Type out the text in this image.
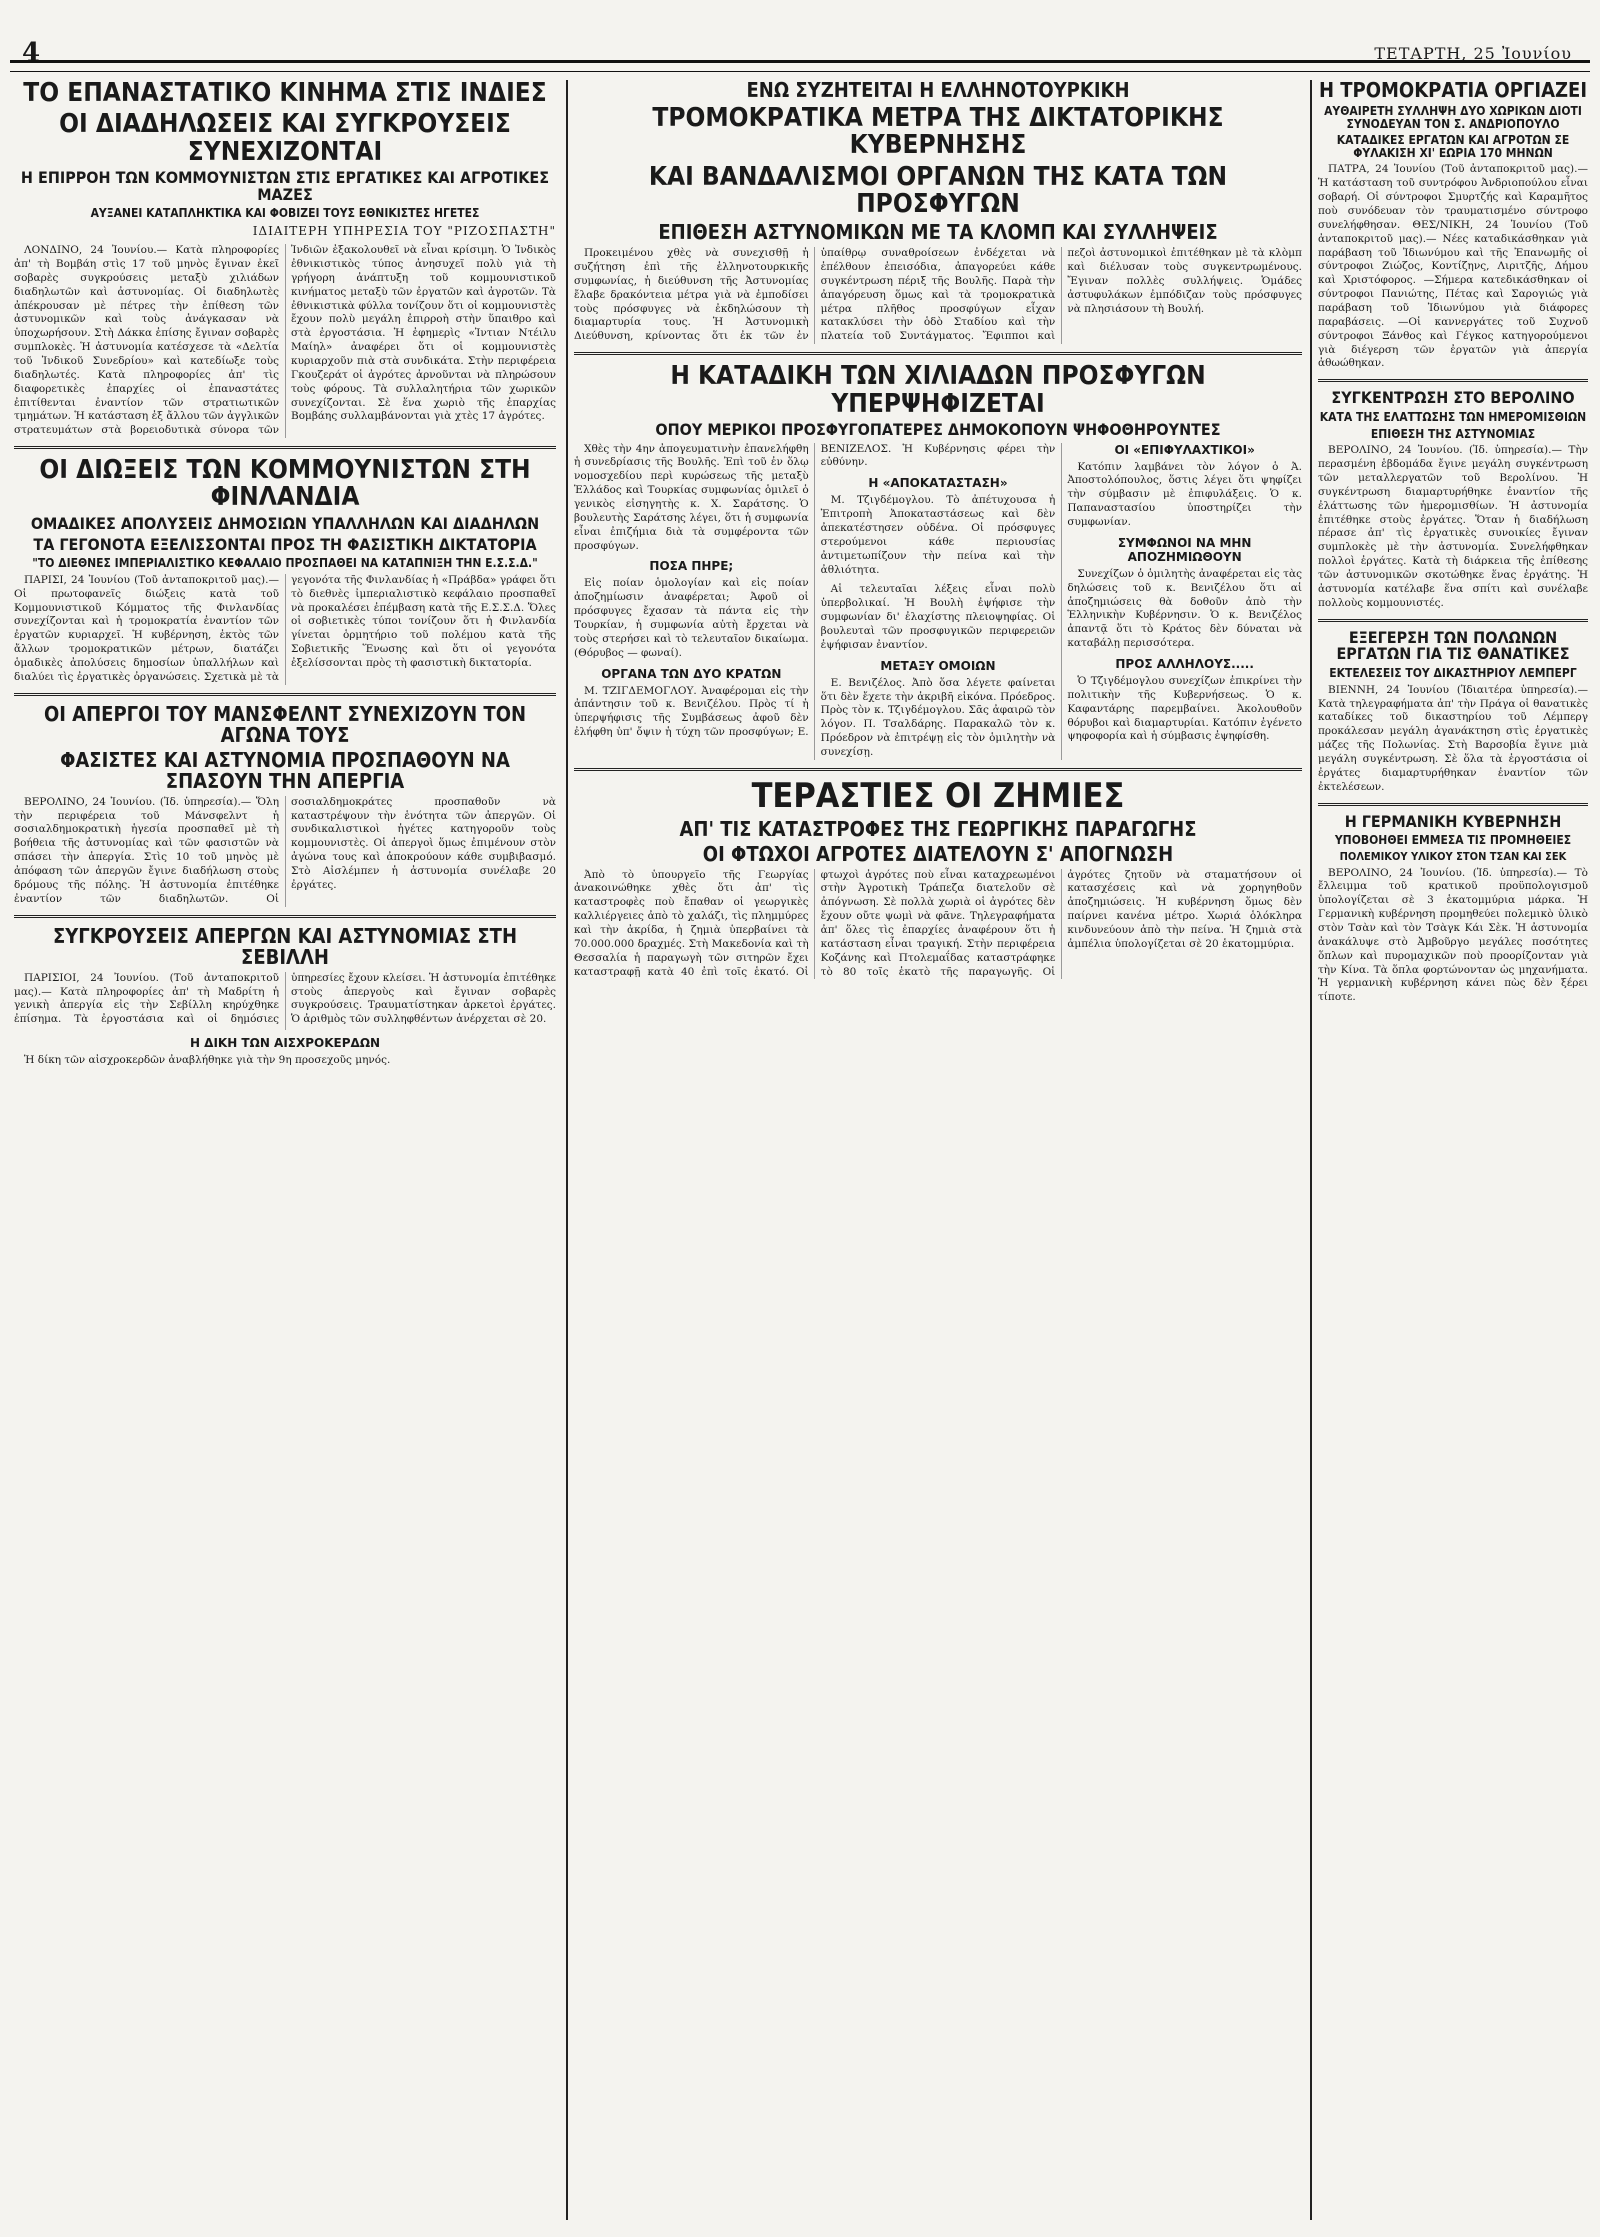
4	ΤΕΤΑΡΤΗ, 25 Ἰουνίου
ΤΟ ΕΠΑΝΑΣΤΑΤΙΚΟ ΚΙΝΗΜΑ ΣΤΙΣ ΙΝΔΙΕΣ
ΟΙ ΔΙΑΔΗΛΩΣΕΙΣ ΚΑΙ ΣΥΓΚΡΟΥΣΕΙΣ ΣΥΝΕΧΙΖΟΝΤΑΙ
Η ΕΠΙΡΡΟΗ ΤΩΝ ΚΟΜΜΟΥΝΙΣΤΩΝ ΣΤΙΣ ΕΡΓΑΤΙΚΕΣ ΚΑΙ ΑΓΡΟΤΙΚΕΣ ΜΑΖΕΣ
ΑΥΞΑΝΕΙ ΚΑΤΑΠΛΗΚΤΙΚΑ ΚΑΙ ΦΟΒΙΖΕΙ ΤΟΥΣ ΕΘΝΙΚΙΣΤΕΣ ΗΓΕΤΕΣ
ΙΔΙΑΙΤΕΡΗ ΥΠΗΡΕΣΙΑ ΤΟΥ "ΡΙΖΟΣΠΑΣΤΗ"

ΛΟΝΔΙΝΟ, 24 Ἰουνίου.— Κατὰ πληροφορίες ἀπ' τὴ Βομβάη στὶς 17 τοῦ μηνὸς ἔγιναν ἐκεῖ σοβαρὲς συγκρούσεις μεταξὺ χιλιάδων διαδηλωτῶν καὶ ἀστυνομίας. Οἱ διαδηλωτὲς ἀπέκρουσαν μὲ πέτρες τὴν ἐπίθεση τῶν ἀστυνομικῶν καὶ τοὺς ἀνάγκασαν νὰ ὑποχωρήσουν. Στὴ Δάκκα ἐπίσης ἔγιναν σοβαρὲς συμπλοκὲς. Ἡ ἀστυνομία κατέσχεσε τὰ «Δελτία τοῦ Ἰνδικοῦ Συνεδρίου» καὶ κατεδίωξε τοὺς διαδηλωτές. Κατὰ πληροφορίες ἀπ' τὶς διαφορετικὲς ἐπαρχίες οἱ ἐπαναστάτες ἐπιτίθενται ἐναντίον τῶν στρατιωτικῶν τμημάτων. Ἡ κατάσταση ἐξ ἄλλου τῶν ἀγγλικῶν στρατευμάτων στὰ βορειοδυτικὰ σύνορα τῶν Ἰνδιῶν ἐξακολουθεῖ νὰ εἶναι κρίσιμη. Ὁ Ἰνδικὸς ἐθνικιστικὸς τύπος ἀνησυχεῖ πολὺ γιὰ τὴ γρήγορη ἀνάπτυξη τοῦ κομμουνιστικοῦ κινήματος μεταξὺ τῶν ἐργατῶν καὶ ἀγροτῶν. Τὰ ἐθνικιστικὰ φύλλα τονίζουν ὅτι οἱ κομμουνιστὲς ἔχουν πολὺ μεγάλη ἐπιρροὴ στὴν ὕπαιθρο καὶ στὰ ἐργοστάσια. Ἡ ἐφημερὶς «Ἰντιαν Ντέιλυ Μαίηλ» ἀναφέρει ὅτι οἱ κομμουνιστὲς κυριαρχοῦν πιὰ στὰ συνδικάτα. Στὴν περιφέρεια Γκουζεράτ οἱ ἀγρότες ἀρνοῦνται νὰ πληρώσουν τοὺς φόρους. Τὰ συλλαλητήρια τῶν χωρικῶν συνεχίζονται. Σὲ ἕνα χωριὸ τῆς ἐπαρχίας Βομβάης συλλαμβάνονται γιὰ χτὲς 17 ἀγρότες.

ΟΙ ΔΙΩΞΕΙΣ ΤΩΝ ΚΟΜΜΟΥΝΙΣΤΩΝ ΣΤΗ ΦΙΝΛΑΝΔΙΑ
ΟΜΑΔΙΚΕΣ ΑΠΟΛΥΣΕΙΣ ΔΗΜΟΣΙΩΝ ΥΠΑΛΛΗΛΩΝ ΚΑΙ ΔΙΑΔΗΛΩΝ
ΤΑ ΓΕΓΟΝΟΤΑ ΕΞΕΛΙΣΣΟΝΤΑΙ ΠΡΟΣ ΤΗ ΦΑΣΙΣΤΙΚΗ ΔΙΚΤΑΤΟΡΙΑ
"ΤΟ ΔΙΕΘΝΕΣ ΙΜΠΕΡΙΑΛΙΣΤΙΚΟ ΚΕΦΑΛΑΙΟ ΠΡΟΣΠΑΘΕΙ ΝΑ ΚΑΤΑΠΝΙΞΗ ΤΗΝ Ε.Σ.Σ.Δ."

ΠΑΡΙΣΙ, 24 Ἰουνίου (Τοῦ ἀνταποκριτοῦ μας).— Οἱ πρωτοφανεῖς διώξεις κατὰ τοῦ Κομμουνιστικοῦ Κόμματος τῆς Φινλανδίας συνεχίζονται καὶ ἡ τρομοκρατία ἐναντίον τῶν ἐργατῶν κυριαρχεῖ. Ἡ κυβέρνηση, ἐκτὸς τῶν ἄλλων τρομοκρατικῶν μέτρων, διατάζει ὁμαδικὲς ἀπολύσεις δημοσίων ὑπαλλήλων καὶ διαλύει τὶς ἐργατικὲς ὀργανώσεις. Σχετικὰ μὲ τὰ γεγονότα τῆς Φινλανδίας ἡ «Πράβδα» γράφει ὅτι τὸ διεθνὲς ἰμπεριαλιστικὸ κεφάλαιο προσπαθεῖ νὰ προκαλέσει ἐπέμβαση κατὰ τῆς Ε.Σ.Σ.Δ. Ὅλες οἱ σοβιετικὲς τύποι τονίζουν ὅτι ἡ Φινλανδία γίνεται ὁρμητήριο τοῦ πολέμου κατὰ τῆς Σοβιετικῆς Ἕνωσης καὶ ὅτι οἱ γεγονότα ἐξελίσσονται πρὸς τὴ φασιστικὴ δικτατορία.

ΟΙ ΑΠΕΡΓΟΙ ΤΟΥ ΜΑΝΣΦΕΛΝΤ ΣΥΝΕΧΙΖΟΥΝ ΤΟΝ ΑΓΩΝΑ ΤΟΥΣ
ΦΑΣΙΣΤΕΣ ΚΑΙ ΑΣΤΥΝΟΜΙΑ ΠΡΟΣΠΑΘΟΥΝ ΝΑ ΣΠΑΣΟΥΝ ΤΗΝ ΑΠΕΡΓΙΑ

ΒΕΡΟΛΙΝΟ, 24 Ἰουνίου. (Ἰδ. ὑπηρεσία).— Ὅλη τὴν περιφέρεια τοῦ Μάνσφελντ ἡ σοσιαλδημοκρατικὴ ἡγεσία προσπαθεῖ μὲ τὴ βοήθεια τῆς ἀστυνομίας καὶ τῶν φασιστῶν νὰ σπάσει τὴν ἀπεργία. Στὶς 10 τοῦ μηνὸς μὲ ἀπόφαση τῶν ἀπεργῶν ἔγινε διαδήλωση στοὺς δρόμους τῆς πόλης. Ἡ ἀστυνομία ἐπιτέθηκε ἐναντίον τῶν διαδηλωτῶν. Οἱ σοσιαλδημοκράτες προσπαθοῦν νὰ καταστρέψουν τὴν ἑνότητα τῶν ἀπεργῶν. Οἱ συνδικαλιστικοὶ ἡγέτες κατηγοροῦν τοὺς κομμουνιστὲς. Οἱ ἀπεργοὶ ὅμως ἐπιμένουν στὸν ἀγώνα τους καὶ ἀποκρούουν κάθε συμβιβασμό. Στὸ Αἰσλέμπεν ἡ ἀστυνομία συνέλαβε 20 ἐργάτες.

ΣΥΓΚΡΟΥΣΕΙΣ ΑΠΕΡΓΩΝ ΚΑΙ ΑΣΤΥΝΟΜΙΑΣ ΣΤΗ ΣΕΒΙΛΛΗ

ΠΑΡΙΣΙΟΙ, 24 Ἰουνίου. (Τοῦ ἀνταποκριτοῦ μας).— Κατὰ πληροφορίες ἀπ' τὴ Μαδρίτη ἡ γενικὴ ἀπεργία εἰς τὴν Σεβίλλη κηρύχθηκε ἐπίσημα. Τὰ ἐργοστάσια καὶ οἱ δημόσιες ὑπηρεσίες ἔχουν κλείσει. Ἡ ἀστυνομία ἐπιτέθηκε στοὺς ἀπεργοὺς καὶ ἔγιναν σοβαρὲς συγκρούσεις. Τραυματίστηκαν ἀρκετοὶ ἐργάτες. Ὁ ἀριθμὸς τῶν συλληφθέντων ἀνέρχεται σὲ 20.

Η ΔΙΚΗ ΤΩΝ ΑΙΣΧΡΟΚΕΡΔΩΝ

Ἡ δίκη τῶν αἰσχροκερδῶν ἀναβλήθηκε γιὰ τὴν 9η προσεχοῦς μηνός.

ΕΝΩ ΣΥΖΗΤΕΙΤΑΙ Η ΕΛΛΗΝΟΤΟΥΡΚΙΚΗ
ΤΡΟΜΟΚΡΑΤΙΚΑ ΜΕΤΡΑ ΤΗΣ ΔΙΚΤΑΤΟΡΙΚΗΣ ΚΥΒΕΡΝΗΣΗΣ
ΚΑΙ ΒΑΝΔΑΛΙΣΜΟΙ ΟΡΓΑΝΩΝ ΤΗΣ ΚΑΤΑ ΤΩΝ ΠΡΟΣΦΥΓΩΝ
ΕΠΙΘΕΣΗ ΑΣΤΥΝΟΜΙΚΩΝ ΜΕ ΤΑ ΚΛΟΜΠ ΚΑΙ ΣΥΛΛΗΨΕΙΣ

Προκειμένου χθὲς νὰ συνεχισθῇ ἡ συζήτηση ἐπὶ τῆς ἑλληνοτουρκικῆς συμφωνίας, ἡ διεύθυνση τῆς Ἀστυνομίας ἔλαβε δρακόντεια μέτρα γιὰ νὰ ἐμποδίσει τοὺς πρόσφυγες νὰ ἐκδηλώσουν τὴ διαμαρτυρία τους. Ἡ Ἀστυνομικὴ Διεύθυνση, κρίνοντας ὅτι ἐκ τῶν ἐν ὑπαίθρῳ συναθροίσεων ἐνδέχεται νὰ ἐπέλθουν ἐπεισόδια, ἀπαγορεύει κάθε συγκέντρωση πέριξ τῆς Βουλῆς. Παρὰ τὴν ἀπαγόρευση ὅμως καὶ τὰ τρομοκρατικὰ μέτρα πλῆθος προσφύγων εἶχαν κατακλύσει τὴν ὁδὸ Σταδίου καὶ τὴν πλατεία τοῦ Συντάγματος. Ἔφιπποι καὶ πεζοὶ ἀστυνομικοὶ ἐπιτέθηκαν μὲ τὰ κλὸμπ καὶ διέλυσαν τοὺς συγκεντρωμένους. Ἔγιναν πολλὲς συλλήψεις. Ὁμάδες ἀστυφυλάκων ἐμπόδιζαν τοὺς πρόσφυγες νὰ πλησιάσουν τὴ Βουλή.

Η ΚΑΤΑΔΙΚΗ ΤΩΝ ΧΙΛΙΑΔΩΝ ΠΡΟΣΦΥΓΩΝ ΥΠΕΡΨΗΦΙΖΕΤΑΙ
ΟΠΟΥ ΜΕΡΙΚΟΙ ΠΡΟΣΦΥΓΟΠΑΤΕΡΕΣ ΔΗΜΟΚΟΠΟΥΝ ΨΗΦΟΘΗΡΟΥΝΤΕΣ

Χθὲς τὴν 4ην ἀπογευματινὴν ἐπανελήφθη ἡ συνεδρίασις τῆς Βουλῆς. Ἐπὶ τοῦ ἐν ὅλῳ νομοσχεδίου περὶ κυρώσεως τῆς μεταξὺ Ἑλλάδος καὶ Τουρκίας συμφωνίας ὁμιλεῖ ὁ γενικὸς εἰσηγητὴς κ. Χ. Σαράτσης. Ὁ βουλευτὴς Σαράτσης λέγει, ὅτι ἡ συμφωνία εἶναι ἐπιζήμια διὰ τὰ συμφέροντα τῶν προσφύγων.

ΠΟΣΑ ΠΗΡΕ;

Εἰς ποίαν ὁμολογίαν καὶ εἰς ποίαν ἀποζημίωσιν ἀναφέρεται; Ἀφοῦ οἱ πρόσφυγες ἔχασαν τὰ πάντα εἰς τὴν Τουρκίαν, ἡ συμφωνία αὐτὴ ἔρχεται νὰ τοὺς στερήσει καὶ τὸ τελευταῖον δικαίωμα. (Θόρυβος — φωναί).

ΟΡΓΑΝΑ ΤΩΝ ΔΥΟ ΚΡΑΤΩΝ

Μ. ΤΖΙΓΔΕΜΟΓΛΟΥ. Ἀναφέρομαι εἰς τὴν ἀπάντησιν τοῦ κ. Βενιζέλου. Πρὸς τί ἡ ὑπερψήφισις τῆς Συμβάσεως ἀφοῦ δὲν ἐλήφθη ὑπ' ὄψιν ἡ τύχη τῶν προσφύγων; Ε. ΒΕΝΙΖΕΛΟΣ. Ἡ Κυβέρνησις φέρει τὴν εὐθύνην.

Η «ΑΠΟΚΑΤΑΣΤΑΣΗ»

Μ. Τζιγδέμογλου. Τὸ ἀπέτυχουσα ἡ Ἐπιτροπὴ Ἀποκαταστάσεως καὶ δὲν ἀπεκατέστησεν οὐδένα. Οἱ πρόσφυγες στερούμενοι κάθε περιουσίας ἀντιμετωπίζουν τὴν πείνα καὶ τὴν ἀθλιότητα.

Αἱ τελευταῖαι λέξεις εἶναι πολὺ ὑπερβολικαί. Ἡ Βουλὴ ἐψήφισε τὴν συμφωνίαν δι' ἐλαχίστης πλειοψηφίας. Οἱ βουλευταὶ τῶν προσφυγικῶν περιφερειῶν ἐψήφισαν ἐναντίον.

ΜΕΤΑΞΥ ΟΜΟΙΩΝ

Ε. Βενιζέλος. Ἀπὸ ὅσα λέγετε φαίνεται ὅτι δὲν ἔχετε τὴν ἀκριβῆ εἰκόνα. Πρόεδρος. Πρὸς τὸν κ. Τζιγδέμογλου. Σᾶς ἀφαιρῶ τὸν λόγον. Π. Τσαλδάρης. Παρακαλῶ τὸν κ. Πρόεδρον νὰ ἐπιτρέψῃ εἰς τὸν ὁμιλητὴν νὰ συνεχίσῃ.

ΟΙ «ΕΠΙΦΥΛΑΧΤΙΚΟΙ»

Κατόπιν λαμβάνει τὸν λόγον ὁ Ἀ. Ἀποστολόπουλος, ὅστις λέγει ὅτι ψηφίζει τὴν σύμβασιν μὲ ἐπιφυλάξεις. Ὁ κ. Παπαναστασίου ὑποστηρίζει τὴν συμφωνίαν.

ΣΥΜΦΩΝΟΙ ΝΑ ΜΗΝ ΑΠΟΖΗΜΙΩΘΟΥΝ

Συνεχίζων ὁ ὁμιλητὴς ἀναφέρεται εἰς τὰς δηλώσεις τοῦ κ. Βενιζέλου ὅτι αἱ ἀποζημιώσεις θὰ δοθοῦν ἀπὸ τὴν Ἑλληνικὴν Κυβέρνησιν. Ὁ κ. Βενιζέλος ἀπαντᾷ ὅτι τὸ Κράτος δὲν δύναται νὰ καταβάλῃ περισσότερα.

ΠΡΟΣ ΑΛΛΗΛΟΥΣ.....

Ὁ Τζιγδέμογλου συνεχίζων ἐπικρίνει τὴν πολιτικὴν τῆς Κυβερνήσεως. Ὁ κ. Καφαντάρης παρεμβαίνει. Ἀκολουθοῦν θόρυβοι καὶ διαμαρτυρίαι. Κατόπιν ἐγένετο ψηφοφορία καὶ ἡ σύμβασις ἐψηφίσθη.

ΤΕΡΑΣΤΙΕΣ ΟΙ ΖΗΜΙΕΣ
ΑΠ' ΤΙΣ ΚΑΤΑΣΤΡΟΦΕΣ ΤΗΣ ΓΕΩΡΓΙΚΗΣ ΠΑΡΑΓΩΓΗΣ
ΟΙ ΦΤΩΧΟΙ ΑΓΡΟΤΕΣ ΔΙΑΤΕΛΟΥΝ Σ' ΑΠΟΓΝΩΣΗ

Ἀπὸ τὸ ὑπουργεῖο τῆς Γεωργίας ἀνακοινώθηκε χθὲς ὅτι ἀπ' τὶς καταστροφὲς ποὺ ἔπαθαν οἱ γεωργικὲς καλλιέργειες ἀπὸ τὸ χαλάζι, τὶς πλημμύρες καὶ τὴν ἀκρίδα, ἡ ζημιὰ ὑπερβαίνει τὰ 70.000.000 δραχμές. Στὴ Μακεδονία καὶ τὴ Θεσσαλία ἡ παραγωγὴ τῶν σιτηρῶν ἔχει καταστραφῇ κατὰ 40 ἐπὶ τοῖς ἑκατό. Οἱ φτωχοὶ ἀγρότες ποὺ εἶναι καταχρεωμένοι στὴν Ἀγροτικὴ Τράπεζα διατελοῦν σὲ ἀπόγνωση. Σὲ πολλὰ χωριὰ οἱ ἀγρότες δὲν ἔχουν οὔτε ψωμὶ νὰ φᾶνε. Τηλεγραφήματα ἀπ' ὅλες τὶς ἐπαρχίες ἀναφέρουν ὅτι ἡ κατάσταση εἶναι τραγική. Στὴν περιφέρεια Κοζάνης καὶ Πτολεμαΐδας καταστράφηκε τὸ 80 τοῖς ἑκατὸ τῆς παραγωγῆς. Οἱ ἀγρότες ζητοῦν νὰ σταματήσουν οἱ κατασχέσεις καὶ νὰ χορηγηθοῦν ἀποζημιώσεις. Ἡ κυβέρνηση ὅμως δὲν παίρνει κανένα μέτρο. Χωριά ὁλόκληρα κινδυνεύουν ἀπὸ τὴν πείνα. Ἡ ζημιὰ στὰ ἀμπέλια ὑπολογίζεται σὲ 20 ἑκατομμύρια.

Η ΤΡΟΜΟΚΡΑΤΙΑ ΟΡΓΙΑΖΕΙ
ΑΥΘΑΙΡΕΤΗ ΣΥΛΛΗΨΗ ΔΥΟ ΧΩΡΙΚΩΝ ΔΙΟΤΙ ΣΥΝΟΔΕΥΑΝ ΤΟΝ Σ. ΑΝΔΡΙΟΠΟΥΛΟ
ΚΑΤΑΔΙΚΕΣ ΕΡΓΑΤΩΝ ΚΑΙ ΑΓΡΟΤΩΝ ΣΕ ΦΥΛΑΚΙΣΗ ΧΙ' ΕΩΡΙΑ 170 ΜΗΝΩΝ

ΠΑΤΡΑ, 24 Ἰουνίου (Τοῦ ἀνταποκριτοῦ μας).— Ἡ κατάσταση τοῦ συντρόφου Ἀνδριοπούλου εἶναι σοβαρή. Οἱ σύντροφοι Σμυρτζής καὶ Καραμῆτος ποὺ συνόδευαν τὸν τραυματισμένο σύντροφο συνελήφθησαν. ΘΕΣ/ΝΙΚΗ, 24 Ἰουνίου (Τοῦ ἀνταποκριτοῦ μας).— Νέες καταδικάσθηκαν γιὰ παράβαση τοῦ Ἰδιωνύμου καὶ τῆς Ἐπανωμῆς οἱ σύντροφοι Ζιώζος, Κοντίζηνς, Λιριτζῆς, Δήμου καὶ Χριστόφορος. —Σήμερα κατεδικάσθηκαν οἱ σύντροφοι Πανιώτης, Πέτας καὶ Σαρογιώς γιὰ παράβαση τοῦ Ἰδιωνύμου γιὰ διάφορες παραβάσεις. —Οἱ καννεργάτες τοῦ Συχνοῦ σύντροφοι Ξάνθος καὶ Γέγκος κατηγορούμενοι γιὰ διέγερση τῶν ἐργατῶν γιὰ ἀπεργία ἀθωώθηκαν.

ΣΥΓΚΕΝΤΡΩΣΗ ΣΤΟ ΒΕΡΟΛΙΝΟ
ΚΑΤΑ ΤΗΣ ΕΛΑΤΤΩΣΗΣ ΤΩΝ ΗΜΕΡΟΜΙΣΘΙΩΝ
ΕΠΙΘΕΣΗ ΤΗΣ ΑΣΤΥΝΟΜΙΑΣ

ΒΕΡΟΛΙΝΟ, 24 Ἰουνίου. (Ἰδ. ὑπηρεσία).— Τὴν περασμένη ἑβδομάδα ἔγινε μεγάλη συγκέντρωση τῶν μεταλλεργατῶν τοῦ Βερολίνου. Ἡ συγκέντρωση διαμαρτυρήθηκε ἐναντίον τῆς ἐλάττωσης τῶν ἡμερομισθίων. Ἡ ἀστυνομία ἐπιτέθηκε στοὺς ἐργάτες. Ὅταν ἡ διαδήλωση πέρασε ἀπ' τὶς ἐργατικὲς συνοικίες ἔγιναν συμπλοκὲς μὲ τὴν ἀστυνομία. Συνελήφθηκαν πολλοὶ ἐργάτες. Κατὰ τὴ διάρκεια τῆς ἐπίθεσης τῶν ἀστυνομικῶν σκοτώθηκε ἕνας ἐργάτης. Ἡ ἀστυνομία κατέλαβε ἕνα σπίτι καὶ συνέλαβε πολλοὺς κομμουνιστές.

ΕΞΕΓΕΡΣΗ ΤΩΝ ΠΟΛΩΝΩΝ ΕΡΓΑΤΩΝ ΓΙΑ ΤΙΣ ΘΑΝΑΤΙΚΕΣ
ΕΚΤΕΛΕΣΕΙΣ ΤΟΥ ΔΙΚΑΣΤΗΡΙΟΥ ΛΕΜΠΕΡΓ

ΒΙΕΝΝΗ, 24 Ἰουνίου (Ἰδιαιτέρα ὑπηρεσία).— Κατὰ τηλεγραφήματα ἀπ' τὴν Πράγα οἱ θανατικὲς καταδίκες τοῦ δικαστηρίου τοῦ Λέμπεργ προκάλεσαν μεγάλη ἀγανάκτηση στὶς ἐργατικὲς μάζες τῆς Πολωνίας. Στὴ Βαρσοβία ἔγινε μιὰ μεγάλη συγκέντρωση. Σὲ ὅλα τὰ ἐργοστάσια οἱ ἐργάτες διαμαρτυρήθηκαν ἐναντίον τῶν ἐκτελέσεων.

Η ΓΕΡΜΑΝΙΚΗ ΚΥΒΕΡΝΗΣΗ
ΥΠΟΒΟΗΘΕΙ ΕΜΜΕΣΑ ΤΙΣ ΠΡΟΜΗΘΕΙΕΣ
ΠΟΛΕΜΙΚΟΥ ΥΛΙΚΟΥ ΣΤΟΝ ΤΣΑΝ ΚΑΙ ΣΕΚ

ΒΕΡΟΛΙΝΟ, 24 Ἰουνίου. (Ἰδ. ὑπηρεσία).— Τὸ ἔλλειμμα τοῦ κρατικοῦ προϋπολογισμοῦ ὑπολογίζεται σὲ 3 ἑκατομμύρια μάρκα. Ἡ Γερμανικὴ κυβέρνηση προμηθεύει πολεμικὸ ὑλικὸ στὸν Τσὰν καὶ τὸν Τσὰγκ Κάι Σὲκ. Ἡ ἀστυνομία ἀνακάλυψε στὸ Ἀμβοῦργο μεγάλες ποσότητες ὅπλων καὶ πυρομαχικῶν ποὺ προορίζονταν γιὰ τὴν Κίνα. Τὰ ὅπλα φορτώνονταν ὡς μηχανήματα. Ἡ γερμανικὴ κυβέρνηση κάνει πὼς δὲν ξέρει τίποτε.
